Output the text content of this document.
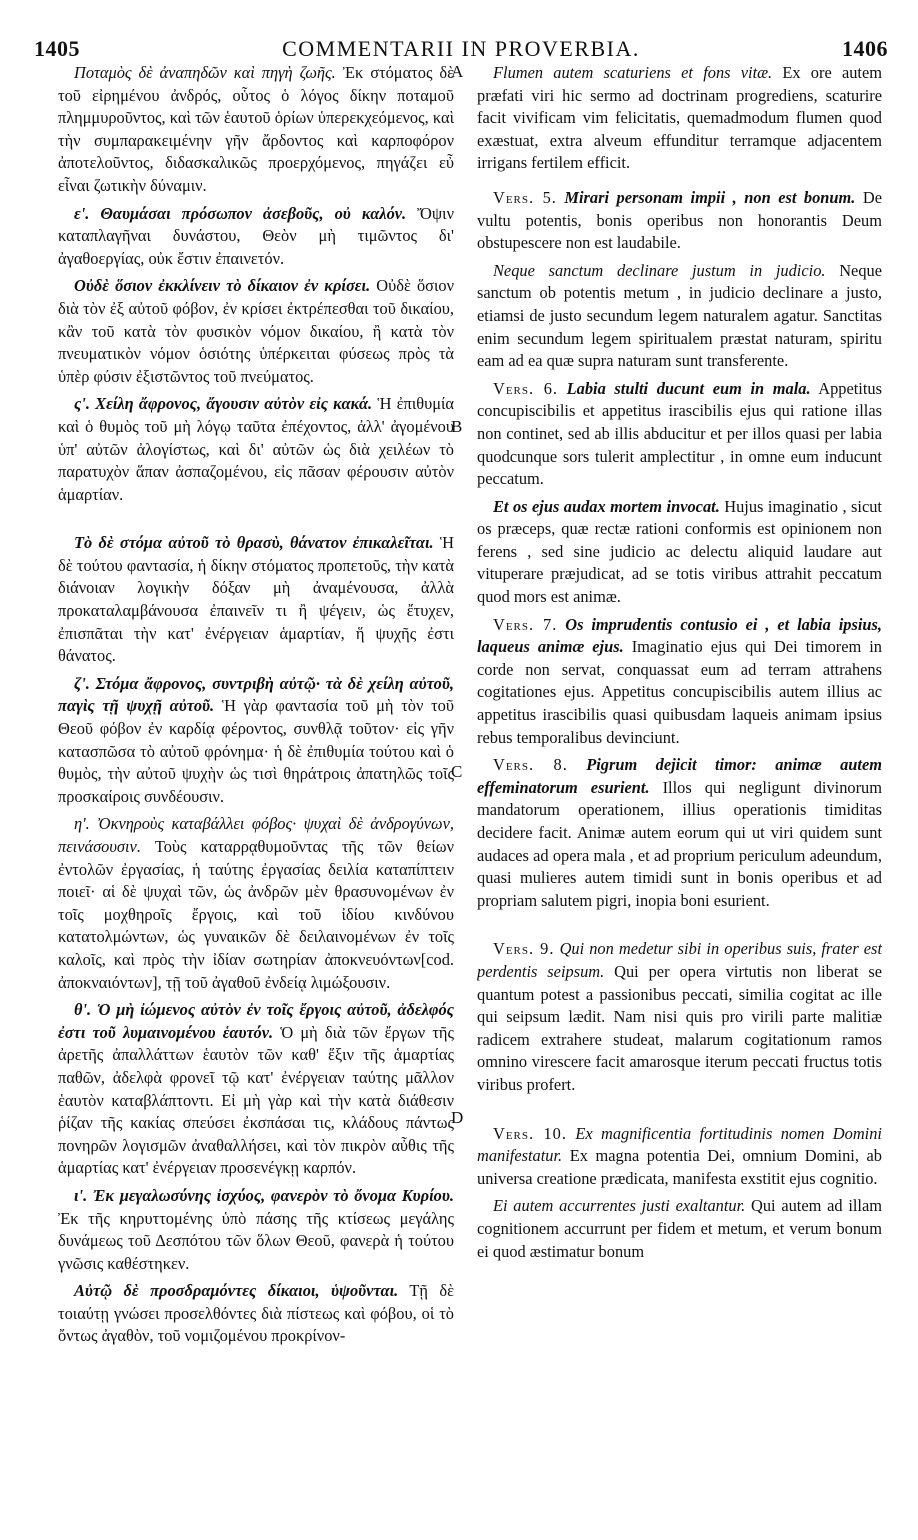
1405	COMMENTARII IN PROVERBIA.	1406
A
B
C
D

Ποταμὸς δὲ ἀναπηδῶν καὶ πηγὴ ζωῆς. Ἐκ στόματος δὲ τοῦ εἰρημένου ἀνδρός, οὗτος ὁ λόγος δίκην ποταμοῦ πλημμυροῦντος, καὶ τῶν ἑαυτοῦ ὁρίων ὑπερεκχεόμενος, καὶ τὴν συμπαρακειμένην γῆν ἄρδοντος καὶ καρποφόρον ἀποτελοῦντος, διδασκαλικῶς προερχόμενος, πηγάζει εὖ εἶναι ζωτικὴν δύναμιν.

ε'. Θαυμάσαι πρόσωπον ἀσεβοῦς, οὐ καλόν. Ὄψιν καταπλαγῆναι δυνάστου, Θεὸν μὴ τιμῶντος δι' ἀγαθοεργίας, οὐκ ἔστιν ἐπαινετόν.

Οὐδὲ ὅσιον ἐκκλίνειν τὸ δίκαιον ἐν κρίσει. Οὐδὲ ὅσιον διὰ τὸν ἐξ αὐτοῦ φόβον, ἐν κρίσει ἐκτρέπεσθαι τοῦ δικαίου, κἂν τοῦ κατὰ τὸν φυσικὸν νόμον δικαίου, ἢ κατὰ τὸν πνευματικὸν νόμον ὁσιότης ὑπέρκειται φύσεως πρὸς τὰ ὑπὲρ φύσιν ἐξιστῶντος τοῦ πνεύματος.

ς'. Χείλη ἄφρονος, ἄγουσιν αὐτὸν εἰς κακά. Ἡ ἐπιθυμία καὶ ὁ θυμὸς τοῦ μὴ λόγῳ ταῦτα ἐπέχοντος, ἀλλ' ἀγομένου ὑπ' αὐτῶν ἀλογίστως, καὶ δι' αὐτῶν ὡς διὰ χειλέων τὸ παρατυχὸν ἅπαν ἀσπαζομένου, εἰς πᾶσαν φέρουσιν αὐτὸν ἁμαρτίαν.

Τὸ δὲ στόμα αὐτοῦ τὸ θρασὺ, θάνατον ἐπικαλεῖται. Ἡ δὲ τούτου φαντασία, ἡ δίκην στόματος προπετοῦς, τὴν κατὰ διάνοιαν λογικὴν δόξαν μὴ ἀναμένουσα, ἀλλὰ προκαταλαμβάνουσα ἐπαινεῖν τι ἢ ψέγειν, ὡς ἔτυχεν, ἐπισπᾶται τὴν κατ' ἐνέργειαν ἁμαρτίαν, ἥ ψυχῆς ἐστι θάνατος.

ζ'. Στόμα ἄφρονος, συντριβὴ αὐτῷ· τὰ δὲ χείλη αὐτοῦ, παγὶς τῇ ψυχῇ αὐτοῦ. Ἡ γὰρ φαντασία τοῦ μὴ τὸν τοῦ Θεοῦ φόβον ἐν καρδίᾳ φέροντος, συνθλᾷ τοῦτον· εἰς γῆν κατασπῶσα τὸ αὐτοῦ φρόνημα· ἡ δὲ ἐπιθυμία τούτου καὶ ὁ θυμὸς, τὴν αὐτοῦ ψυχὴν ὡς τισὶ θηράτροις ἀπατηλῶς τοῖς προσκαίροις συνδέουσιν.

η'. Ὀκνηροὺς καταβάλλει φόβος· ψυχαὶ δὲ ἀνδρογύνων, πεινάσουσιν. Τοὺς καταρρᾳθυμοῦντας τῆς τῶν θείων ἐντολῶν ἐργασίας, ἡ ταύτης ἐργασίας δειλία καταπίπτειν ποιεῖ· αἱ δὲ ψυχαὶ τῶν, ὡς ἀνδρῶν μὲν θρασυνομένων ἐν τοῖς μοχθηροῖς ἔργοις, καὶ τοῦ ἰδίου κινδύνου κατατολμώντων, ὡς γυναικῶν δὲ δειλαινομένων ἐν τοῖς καλοῖς, καὶ πρὸς τὴν ἰδίαν σωτηρίαν ἀποκνευόντων[cod. ἀποκναιόντων], τῇ τοῦ ἀγαθοῦ ἐνδείᾳ λιμώξουσιν.

θ'. Ὁ μὴ ἰώμενος αὐτὸν ἐν τοῖς ἔργοις αὐτοῦ, ἀδελφός ἐστι τοῦ λυμαινομένου ἑαυτόν. Ὁ μὴ διὰ τῶν ἔργων τῆς ἀρετῆς ἀπαλλάττων ἑαυτὸν τῶν καθ' ἕξιν τῆς ἁμαρτίας παθῶν, ἀδελφὰ φρονεῖ τῷ κατ' ἐνέργειαν ταύτης μᾶλλον ἑαυτὸν καταβλάπτοντι. Εἰ μὴ γὰρ καὶ τὴν κατὰ διάθεσιν ῥίζαν τῆς κακίας σπεύσει ἐκσπάσαι τις, κλάδους πάντως πονηρῶν λογισμῶν ἀναθαλλήσει, καὶ τὸν πικρὸν αὖθις τῆς ἁμαρτίας κατ' ἐνέργειαν προσενέγκῃ καρπόν.

ι'. Ἐκ μεγαλωσύνης ἰσχύος, φανερὸν τὸ ὄνομα Κυρίου. Ἐκ τῆς κηρυττομένης ὑπὸ πάσης τῆς κτίσεως μεγάλης δυνάμεως τοῦ Δεσπότου τῶν ὅλων Θεοῦ, φανερὰ ἡ τούτου γνῶσις καθέστηκεν.

Αὐτῷ δὲ προσδραμόντες δίκαιοι, ὑψοῦνται. Τῇ δὲ τοιαύτῃ γνώσει προσελθόντες διὰ πίστεως καὶ φόβου, οἱ τὸ ὄντως ἀγαθὸν, τοῦ νομιζομένου προκρίνον-

Flumen autem scaturiens et fons vitæ. Ex ore autem præfati viri hic sermo ad doctrinam progrediens, scaturire facit vivificam vim felicitatis, quemadmodum flumen quod exæstuat, extra alveum effunditur terramque adjacentem irrigans fertilem efficit.

Vers. 5. Mirari personam impii , non est bonum. De vultu potentis, bonis operibus non honorantis Deum obstupescere non est laudabile.

Neque sanctum declinare justum in judicio. Neque sanctum ob potentis metum , in judicio declinare a justo, etiamsi de justo secundum legem naturalem agatur. Sanctitas enim secundum legem spiritualem præstat naturam, spiritu eam ad ea quæ supra naturam sunt transferente.

Vers. 6. Labia stulti ducunt eum in mala. Appetitus concupiscibilis et appetitus irascibilis ejus qui ratione illas non continet, sed ab illis abducitur et per illos quasi per labia quodcunque sors tulerit amplectitur , in omne eum inducunt peccatum.

Et os ejus audax mortem invocat. Hujus imaginatio , sicut os præceps, quæ rectæ rationi conformis est opinionem non ferens , sed sine judicio ac delectu aliquid laudare aut vituperare præjudicat, ad se totis viribus attrahit peccatum quod mors est animæ.

Vers. 7. Os imprudentis contusio ei , et labia ipsius, laqueus animæ ejus. Imaginatio ejus qui Dei timorem in corde non servat, conquassat eum ad terram attrahens cogitationes ejus. Appetitus concupiscibilis autem illius ac appetitus irascibilis quasi quibusdam laqueis animam ipsius rebus temporalibus devinciunt.

Vers. 8. Pigrum dejicit timor: animæ autem effeminatorum esurient. Illos qui negligunt divinorum mandatorum operationem, illius operationis timiditas decidere facit. Animæ autem eorum qui ut viri quidem sunt audaces ad opera mala , et ad proprium periculum adeundum, quasi mulieres autem timidi sunt in bonis operibus et ad propriam salutem pigri, inopia boni esurient.

Vers. 9. Qui non medetur sibi in operibus suis, frater est perdentis seipsum. Qui per opera virtutis non liberat se quantum potest a passionibus peccati, similia cogitat ac ille qui seipsum lædit. Nam nisi quis pro virili parte malitiæ radicem extrahere studeat, malarum cogitationum ramos omnino virescere facit amarosque iterum peccati fructus totis viribus profert.

Vers. 10. Ex magnificentia fortitudinis nomen Domini manifestatur. Ex magna potentia Dei, omnium Domini, ab universa creatione prædicata, manifesta exstitit ejus cognitio.

Ei autem accurrentes justi exaltantur. Qui autem ad illam cognitionem accurrunt per fidem et metum, et verum bonum ei quod æstimatur bonum
